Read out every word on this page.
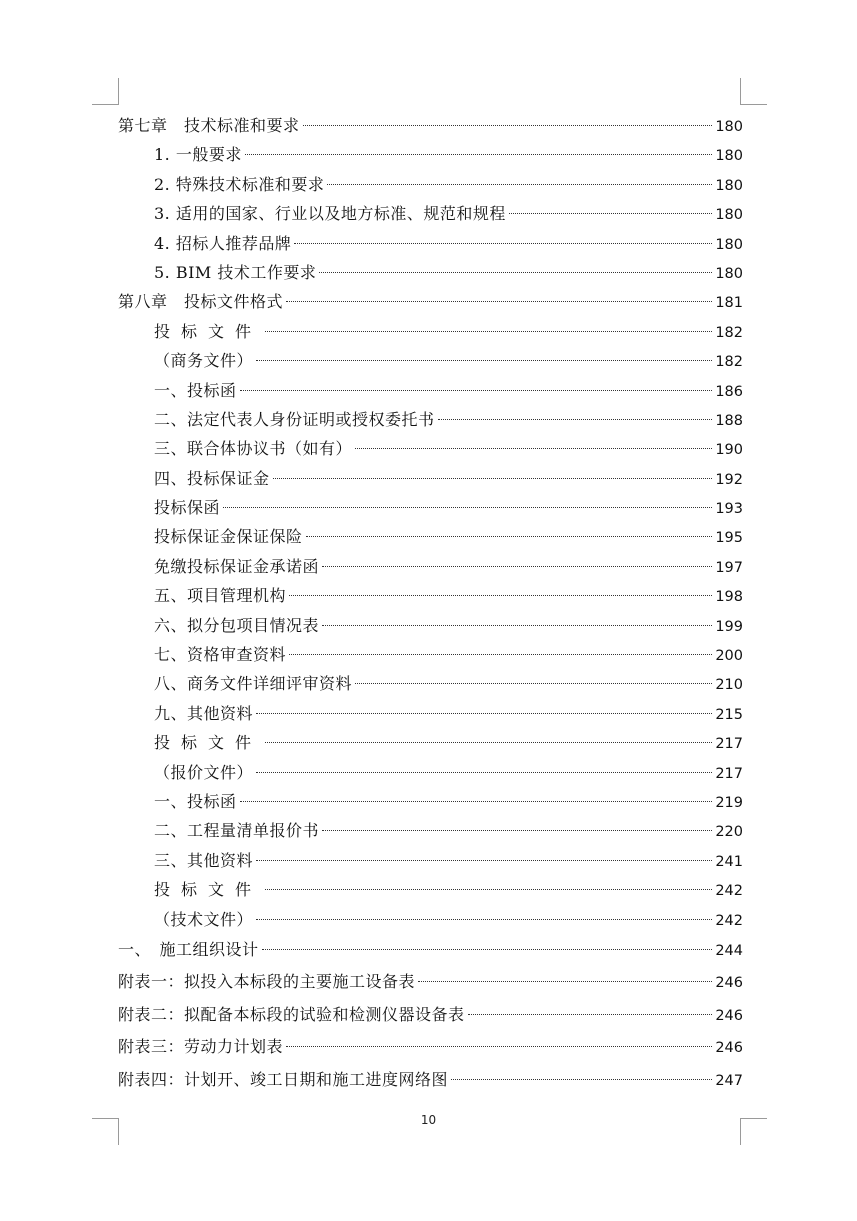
第七章　技术标准和要求	180
1. 一般要求	180
2. 特殊技术标准和要求	180
3. 适用的国家、行业以及地方标准、规范和规程	180
4. 招标人推荐品牌	180
5. BIM 技术工作要求	180
第八章　投标文件格式	181
投标文件	182
（商务文件）	182
一、投标函	186
二、法定代表人身份证明或授权委托书	188
三、联合体协议书（如有）	190
四、投标保证金	192
投标保函	193
投标保证金保证保险	195
免缴投标保证金承诺函	197
五、项目管理机构	198
六、拟分包项目情况表	199
七、资格审查资料	200
八、商务文件详细评审资料	210
九、其他资料	215
投标文件	217
（报价文件）	217
一、投标函	219
二、工程量清单报价书	220
三、其他资料	241
投标文件	242
（技术文件）	242
一、　施工组织设计	244
附表一：拟投入本标段的主要施工设备表	246
附表二：拟配备本标段的试验和检测仪器设备表	246
附表三：劳动力计划表	246
附表四：计划开、竣工日期和施工进度网络图	247
10
